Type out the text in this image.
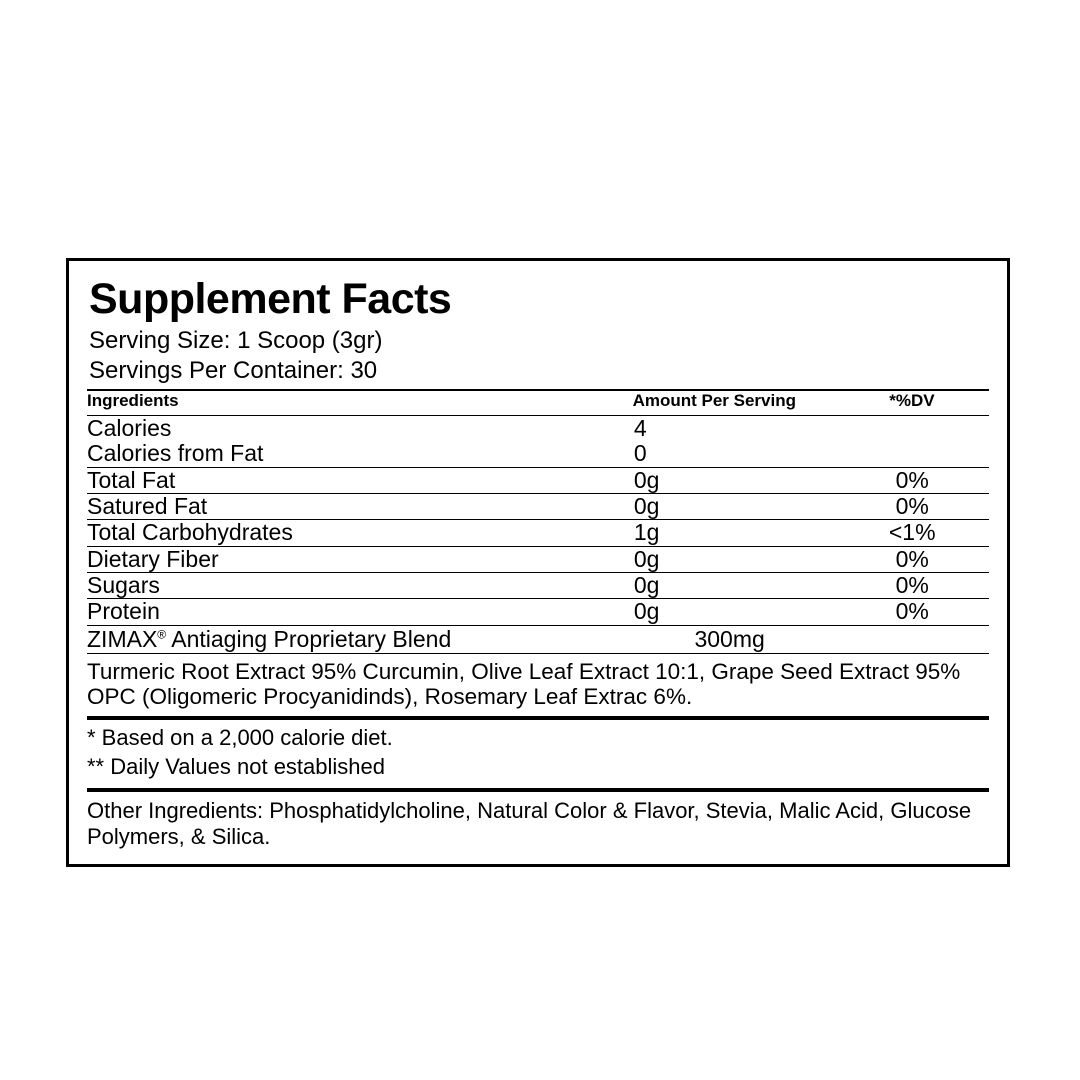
Supplement Facts
Serving Size: 1 Scoop (3gr)
Servings Per Container: 30
Ingredients	Amount Per Serving	*%DV
Calories	4	
Calories from Fat	0	
Total Fat	0g	0%
Satured Fat	0g	0%
Total Carbohydrates	1g	<1%
Dietary Fiber	0g	0%
Sugars	0g	0%
Protein	0g	0%
ZIMAX® Antiaging Proprietary Blend	300mg	
Turmeric Root Extract 95% Curcumin, Olive Leaf Extract 10:1, Grape Seed Extract 95% OPC (Oligomeric Procyanidinds), Rosemary Leaf Extrac 6%.
* Based on a 2,000 calorie diet.
** Daily Values not established
Other Ingredients: Phosphatidylcholine, Natural Color & Flavor, Stevia, Malic Acid, Glucose Polymers, & Silica.
